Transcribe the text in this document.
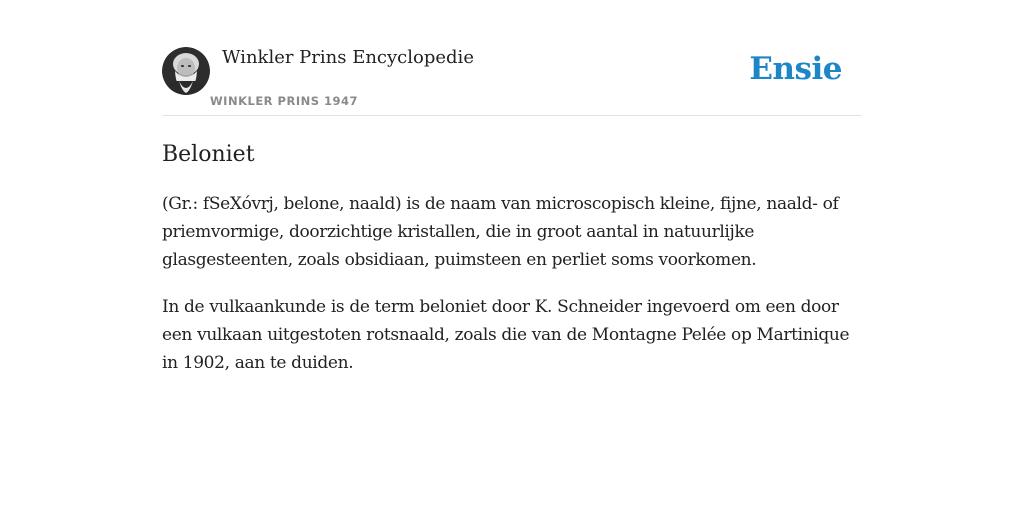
Winkler Prins Encyclopedie
WINKLER PRINS 1947
Ensie
Beloniet

(Gr.: fSeXóvrj, belone, naald) is de naam van microscopisch kleine, fijne, naald- of priemvormige, doorzichtige kristallen, die in groot aantal in natuurlijke glasgesteenten, zoals obsidiaan, puimsteen en perliet soms voorkomen.

In de vulkaankunde is de term beloniet door K. Schneider ingevoerd om een door een vulkaan uitgestoten rotsnaald, zoals die van de Montagne Pelée op Martinique in 1902, aan te duiden.
